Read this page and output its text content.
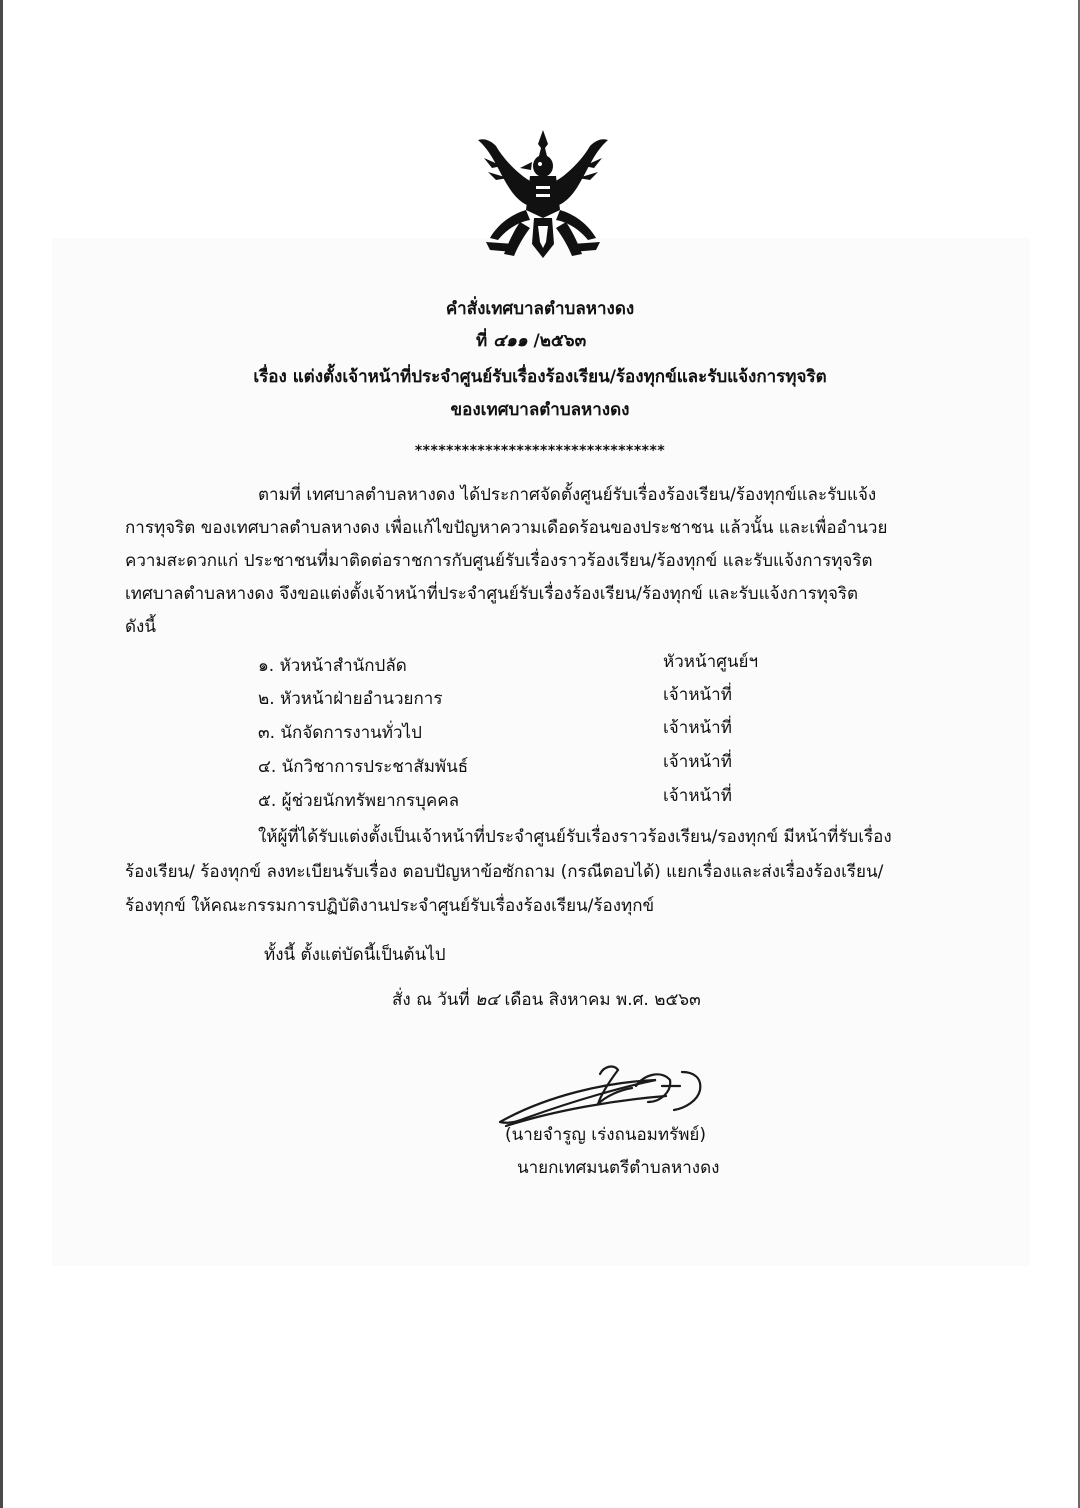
คำสั่งเทศบาลตำบลหางดง
ที่ ๔๑๑ /๒๕๖๓
เรื่อง แต่งตั้งเจ้าหน้าที่ประจำศูนย์รับเรื่องร้องเรียน/ร้องทุกข์และรับแจ้งการทุจริต
ของเทศบาลตำบลหางดง
********************************
ตามที่ เทศบาลตำบลหางดง ได้ประกาศจัดตั้งศูนย์รับเรื่องร้องเรียน/ร้องทุกข์และรับแจ้ง
การทุจริต ของเทศบาลตำบลหางดง เพื่อแก้ไขปัญหาความเดือดร้อนของประชาชน แล้วนั้น และเพื่ออำนวย
ความสะดวกแก่ ประชาชนที่มาติดต่อราชการกับศูนย์รับเรื่องราวร้องเรียน/ร้องทุกข์ และรับแจ้งการทุจริต
เทศบาลตำบลหางดง จึงขอแต่งตั้งเจ้าหน้าที่ประจำศูนย์รับเรื่องร้องเรียน/ร้องทุกข์ และรับแจ้งการทุจริต
ดังนี้
๑. หัวหน้าสำนักปลัด	หัวหน้าศูนย์ฯ
๒. หัวหน้าฝ่ายอำนวยการ	เจ้าหน้าที่
๓. นักจัดการงานทั่วไป	เจ้าหน้าที่
๔. นักวิชาการประชาสัมพันธ์	เจ้าหน้าที่
๕. ผู้ช่วยนักทรัพยากรบุคคล	เจ้าหน้าที่
ให้ผู้ที่ได้รับแต่งตั้งเป็นเจ้าหน้าที่ประจำศูนย์รับเรื่องราวร้องเรียน/รองทุกข์ มีหน้าที่รับเรื่อง
ร้องเรียน/ ร้องทุกข์ ลงทะเบียนรับเรื่อง ตอบปัญหาข้อซักถาม (กรณีตอบได้) แยกเรื่องและส่งเรื่องร้องเรียน/
ร้องทุกข์ ให้คณะกรรมการปฏิบัติงานประจำศูนย์รับเรื่องร้องเรียน/ร้องทุกข์
ทั้งนี้ ตั้งแต่บัดนี้เป็นต้นไป
สั่ง ณ วันที่ ๒๔ เดือน สิงหาคม พ.ศ. ๒๕๖๓
(นายจำรูญ เร่งถนอมทรัพย์)
นายกเทศมนตรีตำบลหางดง
